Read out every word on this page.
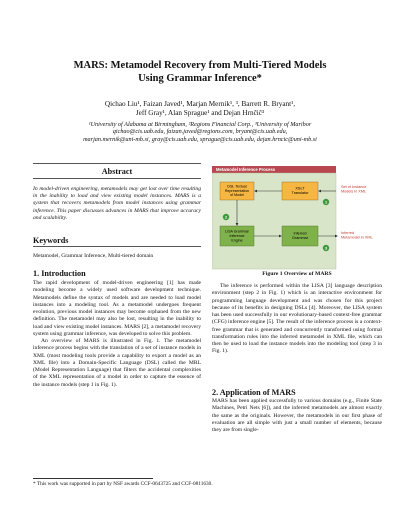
MARS: Metamodel Recovery from Multi-Tiered Models
Using Grammar Inference*
Qichao Liu¹, Faizan Javed¹, Marjan Mernik¹, ³, Barrett R. Bryant¹,
Jeff Gray¹, Alan Sprague¹ and Dejan Hrnčič³
¹University of Alabama at Birmingham, ²Regions Financial Corp., ³University of Maribor
qichao@cis.uab.edu, faizan.javed@regions.com, bryant@cis.uab.edu,
marjan.mernik@uni-mb.si, gray@cis.uab.edu, sprague@cis.uab.edu, dejan.hrncic@uni-mb.si
Abstract
In model-driven engineering, metamodels may get lost over time resulting in the inability to load and view existing model instances. MARS is a system that recovers metamodels from model instances using grammar inference. This paper discusses advances in MARS that improve accuracy and scalability.
Keywords
Metamodel, Grammar Inference, Multi-tiered domain
1. Introduction

The rapid development of model-driven engineering [1] has made modeling become a widely used software development technique. Metamodels define the syntax of models and are needed to load model instances into a modeling tool. As a metamodel undergoes frequent evolution, previous model instances may become orphaned from the new definition. The metamodel may also be lost, resulting in the inability to load and view existing model instances. MARS [2], a metamodel recovery system using grammar inference, was developed to solve this problem.

An overview of MARS is illustrated in Fig. 1. The metamodel inference process begins with the translation of a set of instance models in XML (most modeling tools provide a capability to export a model as an XML file) into a Domain-Specific Language (DSL) called the MRL (Model Representation Language) that filters the accidental complexities of the XML representation of a model in order to capture the essence of the instance models (step 1 in Fig. 1).

Metamodel Inference Process
DSL Textual
Representation
of Model
XSLT
Translator
1
2
LISA Grammar
Inference
Engine
Inferred
Grammar
3
Set of Instance
Models in XML
Inferred
Metamodel in XML
Figure 1 Overview of MARS

The inference is performed within the LISA [3] language description environment (step 2 in Fig. 1) which is an interactive environment for programming language development and was chosen for this project because of its benefits in designing DSLs [4]. Moreover, the LISA system has been used successfully in our evolutionary-based context-free grammar (CFG) inference engine [5]. The result of the inference process is a context-free grammar that is generated and concurrently transformed using formal transformation rules into the inferred metamodel in XML file, which can then be used to load the instance models into the modeling tool (step 3 in Fig. 1).

2. Application of MARS

MARS has been applied successfully to various domains (e.g., Finite State Machines, Petri Nets [6]), and the inferred metamodels are almost exactly the same as the originals. However, the metamodels in our first phase of evaluation are all simple with just a small number of elements, because they are from single-

* This work was supported in part by NSF awards CCF-0643725 and CCF-0811630.
